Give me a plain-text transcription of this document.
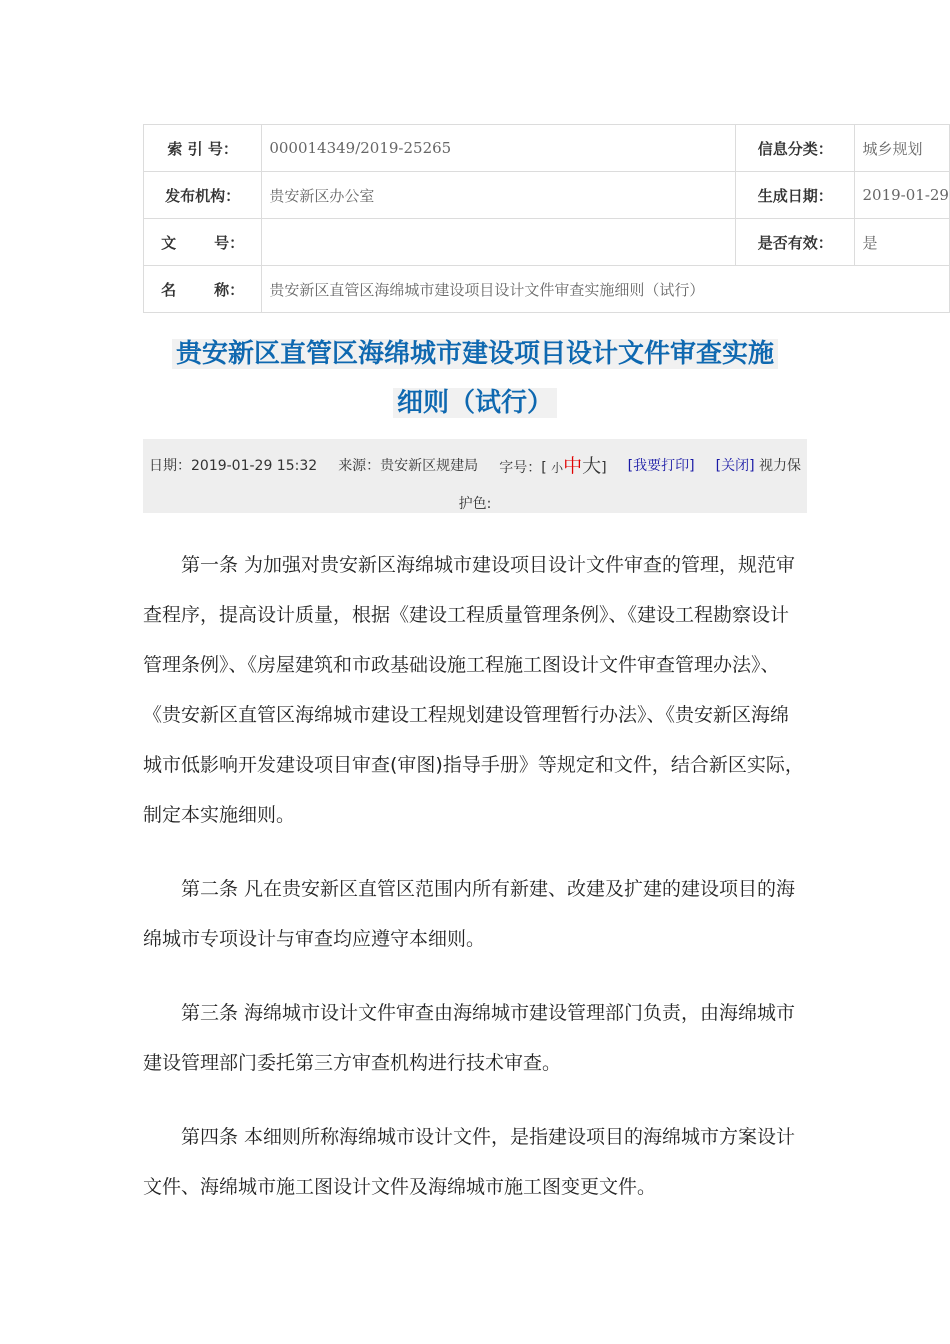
索 引 号：	000014349/2019-25265	信息分类：	城乡规划
发布机构：	贵安新区办公室	生成日期：	2019-01-29
文 号：		是否有效：	是
名 称：	贵安新区直管区海绵城市建设项目设计文件审查实施细则（试行）		
贵安新区直管区海绵城市建设项目设计文件审查实施
细则（试行）
日期：2019-01-29 15:32 来源：贵安新区规建局 字号：[ 小中大] [我要打印] [关闭] 视力保
护色:

第一条 为加强对贵安新区海绵城市建设项目设计文件审查的管理，规范审查程序，提高设计质量，根据《建设工程质量管理条例》、《建设工程勘察设计管理条例》、《房屋建筑和市政基础设施工程施工图设计文件审查管理办法》、《贵安新区直管区海绵城市建设工程规划建设管理暂行办法》、《贵安新区海绵城市低影响开发建设项目审查(审图)指导手册》等规定和文件，结合新区实际，制定本实施细则。

第二条 凡在贵安新区直管区范围内所有新建、改建及扩建的建设项目的海绵城市专项设计与审查均应遵守本细则。

第三条 海绵城市设计文件审查由海绵城市建设管理部门负责，由海绵城市建设管理部门委托第三方审查机构进行技术审查。

第四条 本细则所称海绵城市设计文件，是指建设项目的海绵城市方案设计文件、海绵城市施工图设计文件及海绵城市施工图变更文件。
